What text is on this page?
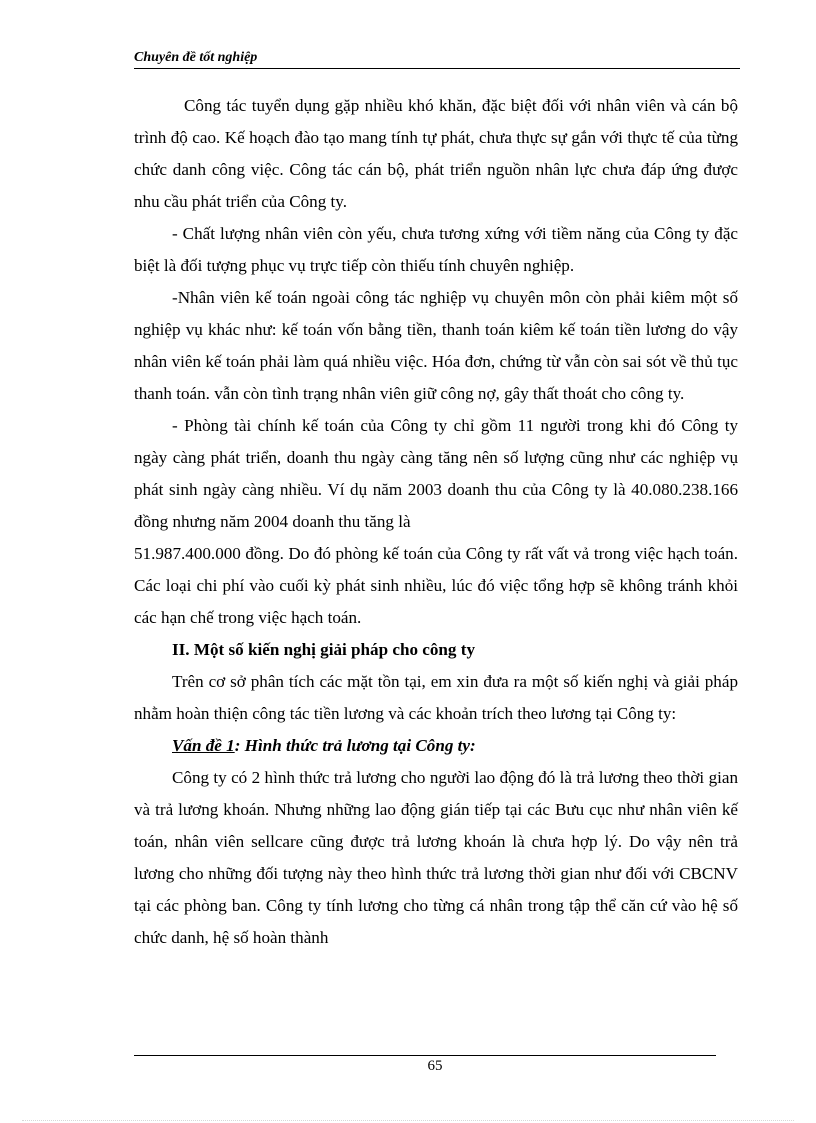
Chuyên đề tốt nghiệp

Công tác tuyển dụng gặp nhiều khó khăn, đặc biệt đối với nhân viên và cán bộ trình độ cao. Kế hoạch đào tạo mang tính tự phát, chưa thực sự gắn với thực tế của từng chức danh công việc. Công tác cán bộ, phát triển nguồn nhân lực chưa đáp ứng được nhu cầu phát triển của Công ty.

- Chất lượng nhân viên còn yếu, chưa tương xứng với tiềm năng của Công ty đặc biệt là đối tượng phục vụ trực tiếp còn thiếu tính chuyên nghiệp.

-Nhân viên kế toán ngoài công tác nghiệp vụ chuyên môn còn phải kiêm một số nghiệp vụ khác như: kế toán vốn bằng tiền, thanh toán kiêm kế toán tiền lương do vậy nhân viên kế toán phải làm quá nhiều việc. Hóa đơn, chứng từ vẫn còn sai sót về thủ tục thanh toán. vẫn còn tình trạng nhân viên giữ công nợ, gây thất thoát cho công ty.

- Phòng tài chính kế toán của Công ty chỉ gồm 11 người trong khi đó Công ty ngày càng phát triển, doanh thu ngày càng tăng nên số lượng cũng như các nghiệp vụ phát sinh ngày càng nhiều. Ví dụ năm 2003 doanh thu của Công ty là 40.080.238.166 đồng nhưng năm 2004 doanh thu tăng là
51.987.400.000 đồng. Do đó phòng kế toán của Công ty rất vất vả trong việc hạch toán. Các loại chi phí vào cuối kỳ phát sinh nhiều, lúc đó việc tổng hợp sẽ không tránh khỏi các hạn chế trong việc hạch toán.

II. Một số kiến nghị giải pháp cho công ty

Trên cơ sở phân tích các mặt tồn tại, em xin đưa ra một số kiến nghị và giải pháp nhằm hoàn thiện công tác tiền lương và các khoản trích theo lương tại Công ty:

Vấn đề 1: Hình thức trả lương tại Công ty:

Công ty có 2 hình thức trả lương cho người lao động đó là trả lương theo thời gian và trả lương khoán. Nhưng những lao động gián tiếp tại các Bưu cục như nhân viên kế toán, nhân viên sellcare cũng được trả lương khoán là chưa hợp lý. Do vậy nên trả lương cho những đối tượng này theo hình thức trả lương thời gian như đối với CBCNV tại các phòng ban. Công ty tính lương cho từng cá nhân trong tập thể căn cứ vào hệ số chức danh, hệ số hoàn thành

65
